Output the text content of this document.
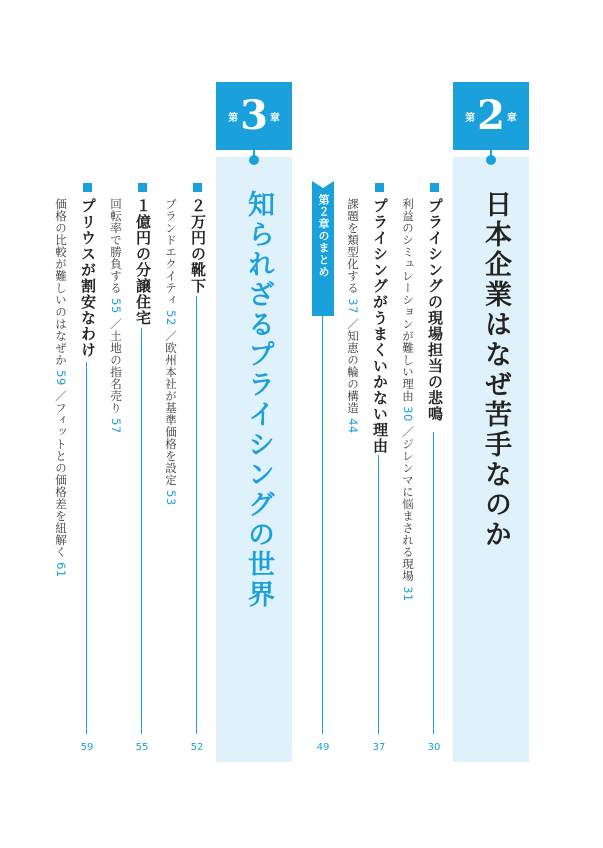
第 2 章
日本企業はなぜ苦手なのか
プライシングの現場担当の悲鳴
利益のシミュレーションが難しい理由 30 ／ジレンマに悩まされる現場 31
30
プライシングがうまくいかない理由
課題を類型化する 37 ／知恵の輪の構造 44
37
第２章のまとめ
49
第 3 章
知られざるプライシングの世界
２万円の靴下
ブランドエクイティ 52 ／欧州本社が基準価格を設定 53
52
１億円の分譲住宅
回転率で勝負する 55 ／土地の指名売り 57
55
プリウスが割安なわけ
価格の比較が難しいのはなぜか 59 ／フィットとの価格差を紐解く 61
59
